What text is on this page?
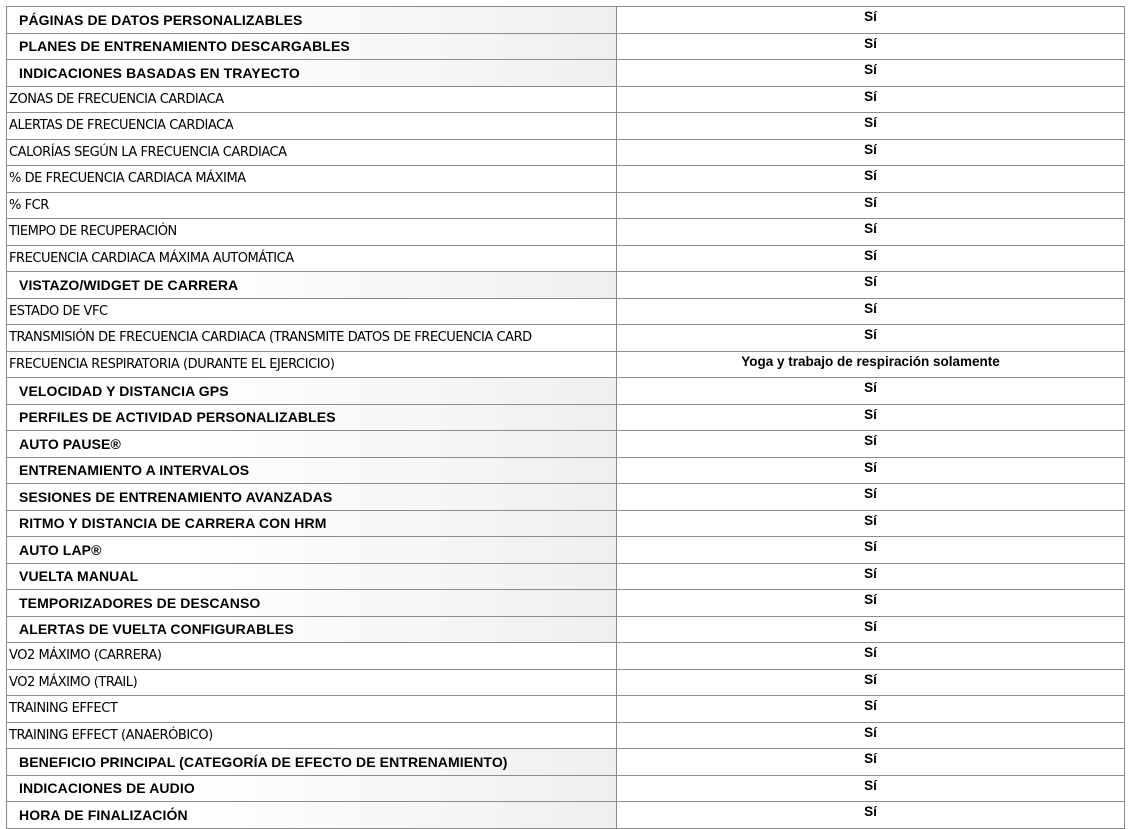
PÁGINAS DE DATOS PERSONALIZABLES	Sí
PLANES DE ENTRENAMIENTO DESCARGABLES	Sí
INDICACIONES BASADAS EN TRAYECTO	Sí
ZONAS DE FRECUENCIA CARDIACA	Sí
ALERTAS DE FRECUENCIA CARDIACA	Sí
CALORÍAS SEGÚN LA FRECUENCIA CARDIACA	Sí
% DE FRECUENCIA CARDIACA MÁXIMA	Sí
% FCR	Sí
TIEMPO DE RECUPERACIÓN	Sí
FRECUENCIA CARDIACA MÁXIMA AUTOMÁTICA	Sí
VISTAZO/WIDGET DE CARRERA	Sí
ESTADO DE VFC	Sí
TRANSMISIÓN DE FRECUENCIA CARDIACA (TRANSMITE DATOS DE FRECUENCIA CARD	Sí
FRECUENCIA RESPIRATORIA (DURANTE EL EJERCICIO)	Yoga y trabajo de respiración solamente
VELOCIDAD Y DISTANCIA GPS	Sí
PERFILES DE ACTIVIDAD PERSONALIZABLES	Sí
AUTO PAUSE®	Sí
ENTRENAMIENTO A INTERVALOS	Sí
SESIONES DE ENTRENAMIENTO AVANZADAS	Sí
RITMO Y DISTANCIA DE CARRERA CON HRM	Sí
AUTO LAP®	Sí
VUELTA MANUAL	Sí
TEMPORIZADORES DE DESCANSO	Sí
ALERTAS DE VUELTA CONFIGURABLES	Sí
VO2 MÁXIMO (CARRERA)	Sí
VO2 MÁXIMO (TRAIL)	Sí
TRAINING EFFECT	Sí
TRAINING EFFECT (ANAERÓBICO)	Sí
BENEFICIO PRINCIPAL (CATEGORÍA DE EFECTO DE ENTRENAMIENTO)	Sí
INDICACIONES DE AUDIO	Sí
HORA DE FINALIZACIÓN	Sí
